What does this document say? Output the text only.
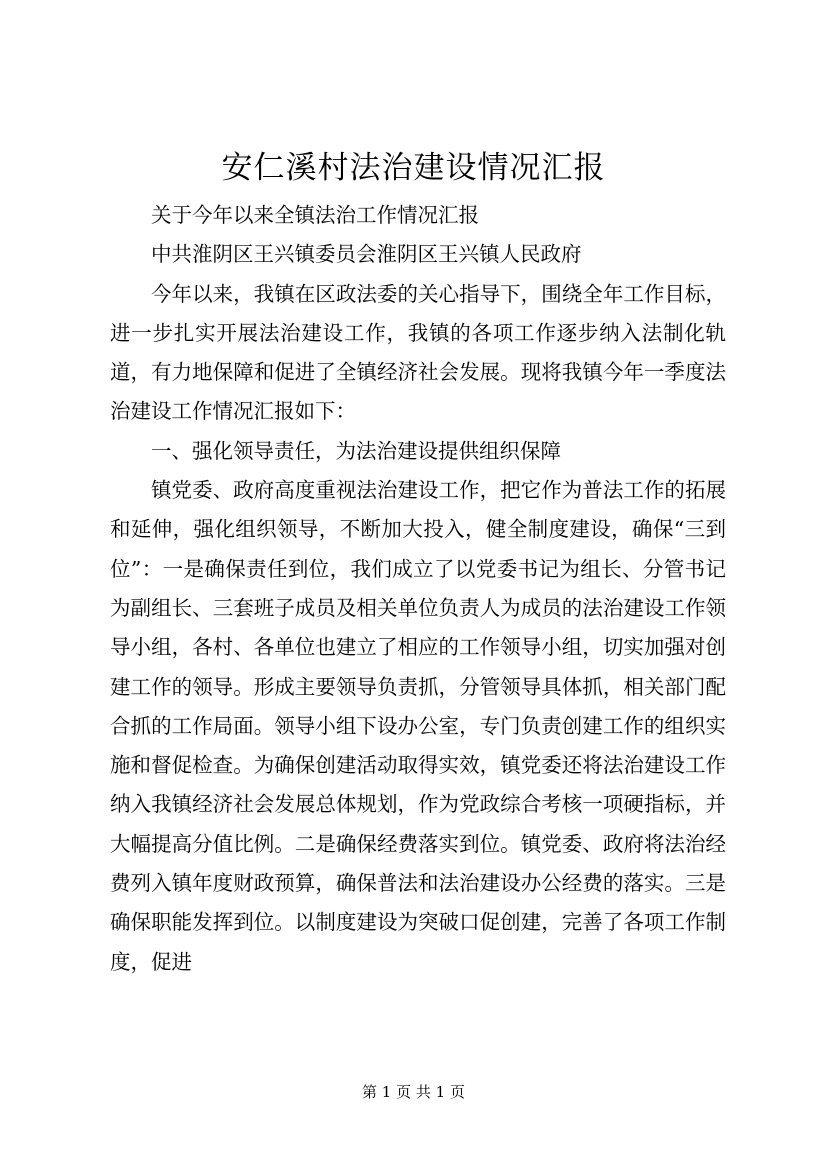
安仁溪村法治建设情况汇报

关于今年以来全镇法治工作情况汇报

中共淮阴区王兴镇委员会淮阴区王兴镇人民政府

今年以来，我镇在区政法委的关心指导下，围绕全年工作目标，进一步扎实开展法治建设工作，我镇的各项工作逐步纳入法制化轨道，有力地保障和促进了全镇经济社会发展。现将我镇今年一季度法治建设工作情况汇报如下：

一、强化领导责任，为法治建设提供组织保障

镇党委、政府高度重视法治建设工作，把它作为普法工作的拓展和延伸，强化组织领导，不断加大投入，健全制度建设，确保“三到位”：一是确保责任到位，我们成立了以党委书记为组长、分管书记为副组长、三套班子成员及相关单位负责人为成员的法治建设工作领导小组，各村、各单位也建立了相应的工作领导小组，切实加强对创建工作的领导。形成主要领导负责抓，分管领导具体抓，相关部门配合抓的工作局面。领导小组下设办公室，专门负责创建工作的组织实施和督促检查。为确保创建活动取得实效，镇党委还将法治建设工作纳入我镇经济社会发展总体规划，作为党政综合考核一项硬指标，并大幅提高分值比例。二是确保经费落实到位。镇党委、政府将法治经费列入镇年度财政预算，确保普法和法治建设办公经费的落实。三是确保职能发挥到位。以制度建设为突破口促创建，完善了各项工作制度，促进

第 1 页 共 1 页
